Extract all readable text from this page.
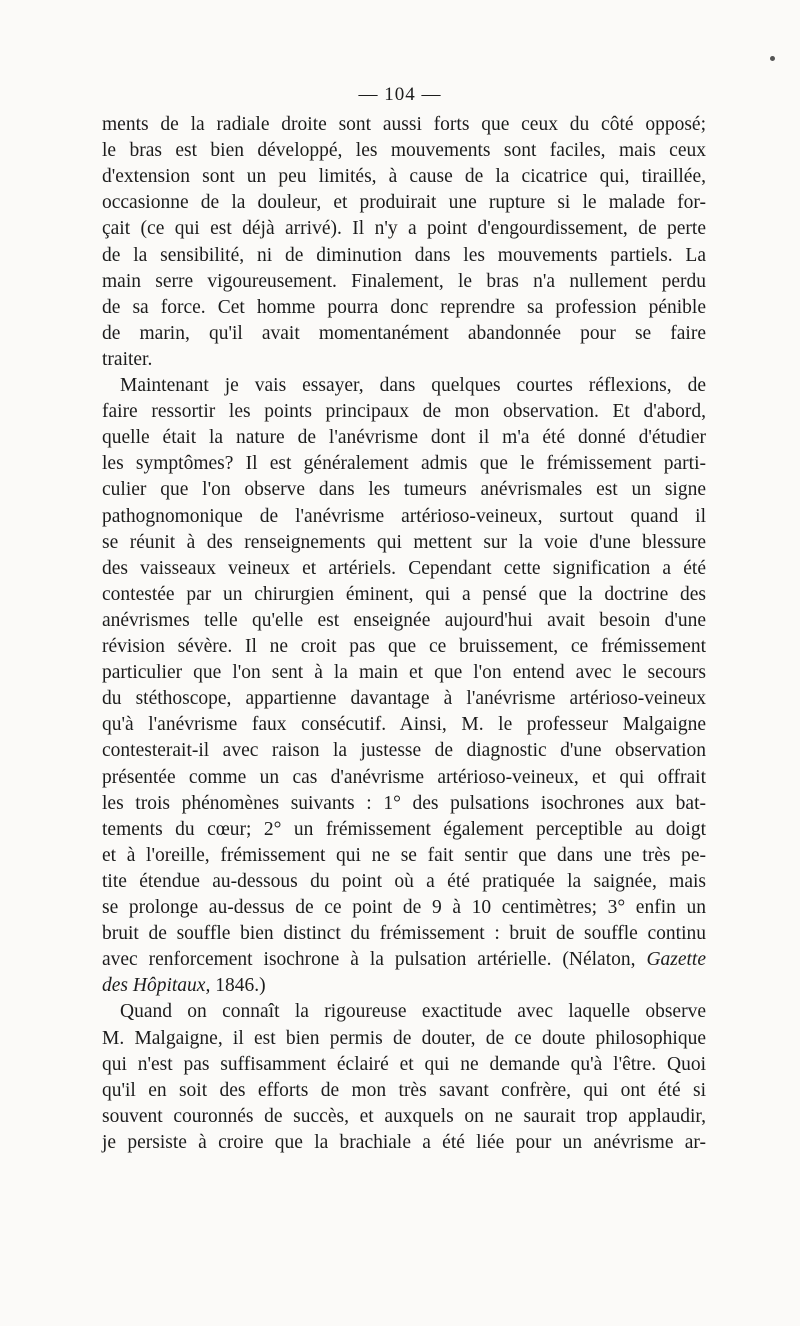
— 104 —
ments de la radiale droite sont aussi forts que ceux du côté opposé;
le bras est bien développé, les mouvements sont faciles, mais ceux
d'extension sont un peu limités, à cause de la cicatrice qui, tiraillée,
occasionne de la douleur, et produirait une rupture si le malade for-
çait (ce qui est déjà arrivé). Il n'y a point d'engourdissement, de perte
de la sensibilité, ni de diminution dans les mouvements partiels. La
main serre vigoureusement. Finalement, le bras n'a nullement perdu
de sa force. Cet homme pourra donc reprendre sa profession pénible
de marin, qu'il avait momentanément abandonnée pour se faire
traiter.
Maintenant je vais essayer, dans quelques courtes réflexions, de
faire ressortir les points principaux de mon observation. Et d'abord,
quelle était la nature de l'anévrisme dont il m'a été donné d'étudier
les symptômes? Il est généralement admis que le frémissement parti-
culier que l'on observe dans les tumeurs anévrismales est un signe
pathognomonique de l'anévrisme artérioso-veineux, surtout quand il
se réunit à des renseignements qui mettent sur la voie d'une blessure
des vaisseaux veineux et artériels. Cependant cette signification a été
contestée par un chirurgien éminent, qui a pensé que la doctrine des
anévrismes telle qu'elle est enseignée aujourd'hui avait besoin d'une
révision sévère. Il ne croit pas que ce bruissement, ce frémissement
particulier que l'on sent à la main et que l'on entend avec le secours
du stéthoscope, appartienne davantage à l'anévrisme artérioso-veineux
qu'à l'anévrisme faux consécutif. Ainsi, M. le professeur Malgaigne
contesterait-il avec raison la justesse de diagnostic d'une observation
présentée comme un cas d'anévrisme artérioso-veineux, et qui offrait
les trois phénomènes suivants : 1° des pulsations isochrones aux bat-
tements du cœur; 2° un frémissement également perceptible au doigt
et à l'oreille, frémissement qui ne se fait sentir que dans une très pe-
tite étendue au-dessous du point où a été pratiquée la saignée, mais
se prolonge au-dessus de ce point de 9 à 10 centimètres; 3° enfin un
bruit de souffle bien distinct du frémissement : bruit de souffle continu
avec renforcement isochrone à la pulsation artérielle. (Nélaton, Gazette
des Hôpitaux, 1846.)
Quand on connaît la rigoureuse exactitude avec laquelle observe
M. Malgaigne, il est bien permis de douter, de ce doute philosophique
qui n'est pas suffisamment éclairé et qui ne demande qu'à l'être. Quoi
qu'il en soit des efforts de mon très savant confrère, qui ont été si
souvent couronnés de succès, et auxquels on ne saurait trop applaudir,
je persiste à croire que la brachiale a été liée pour un anévrisme ar-
